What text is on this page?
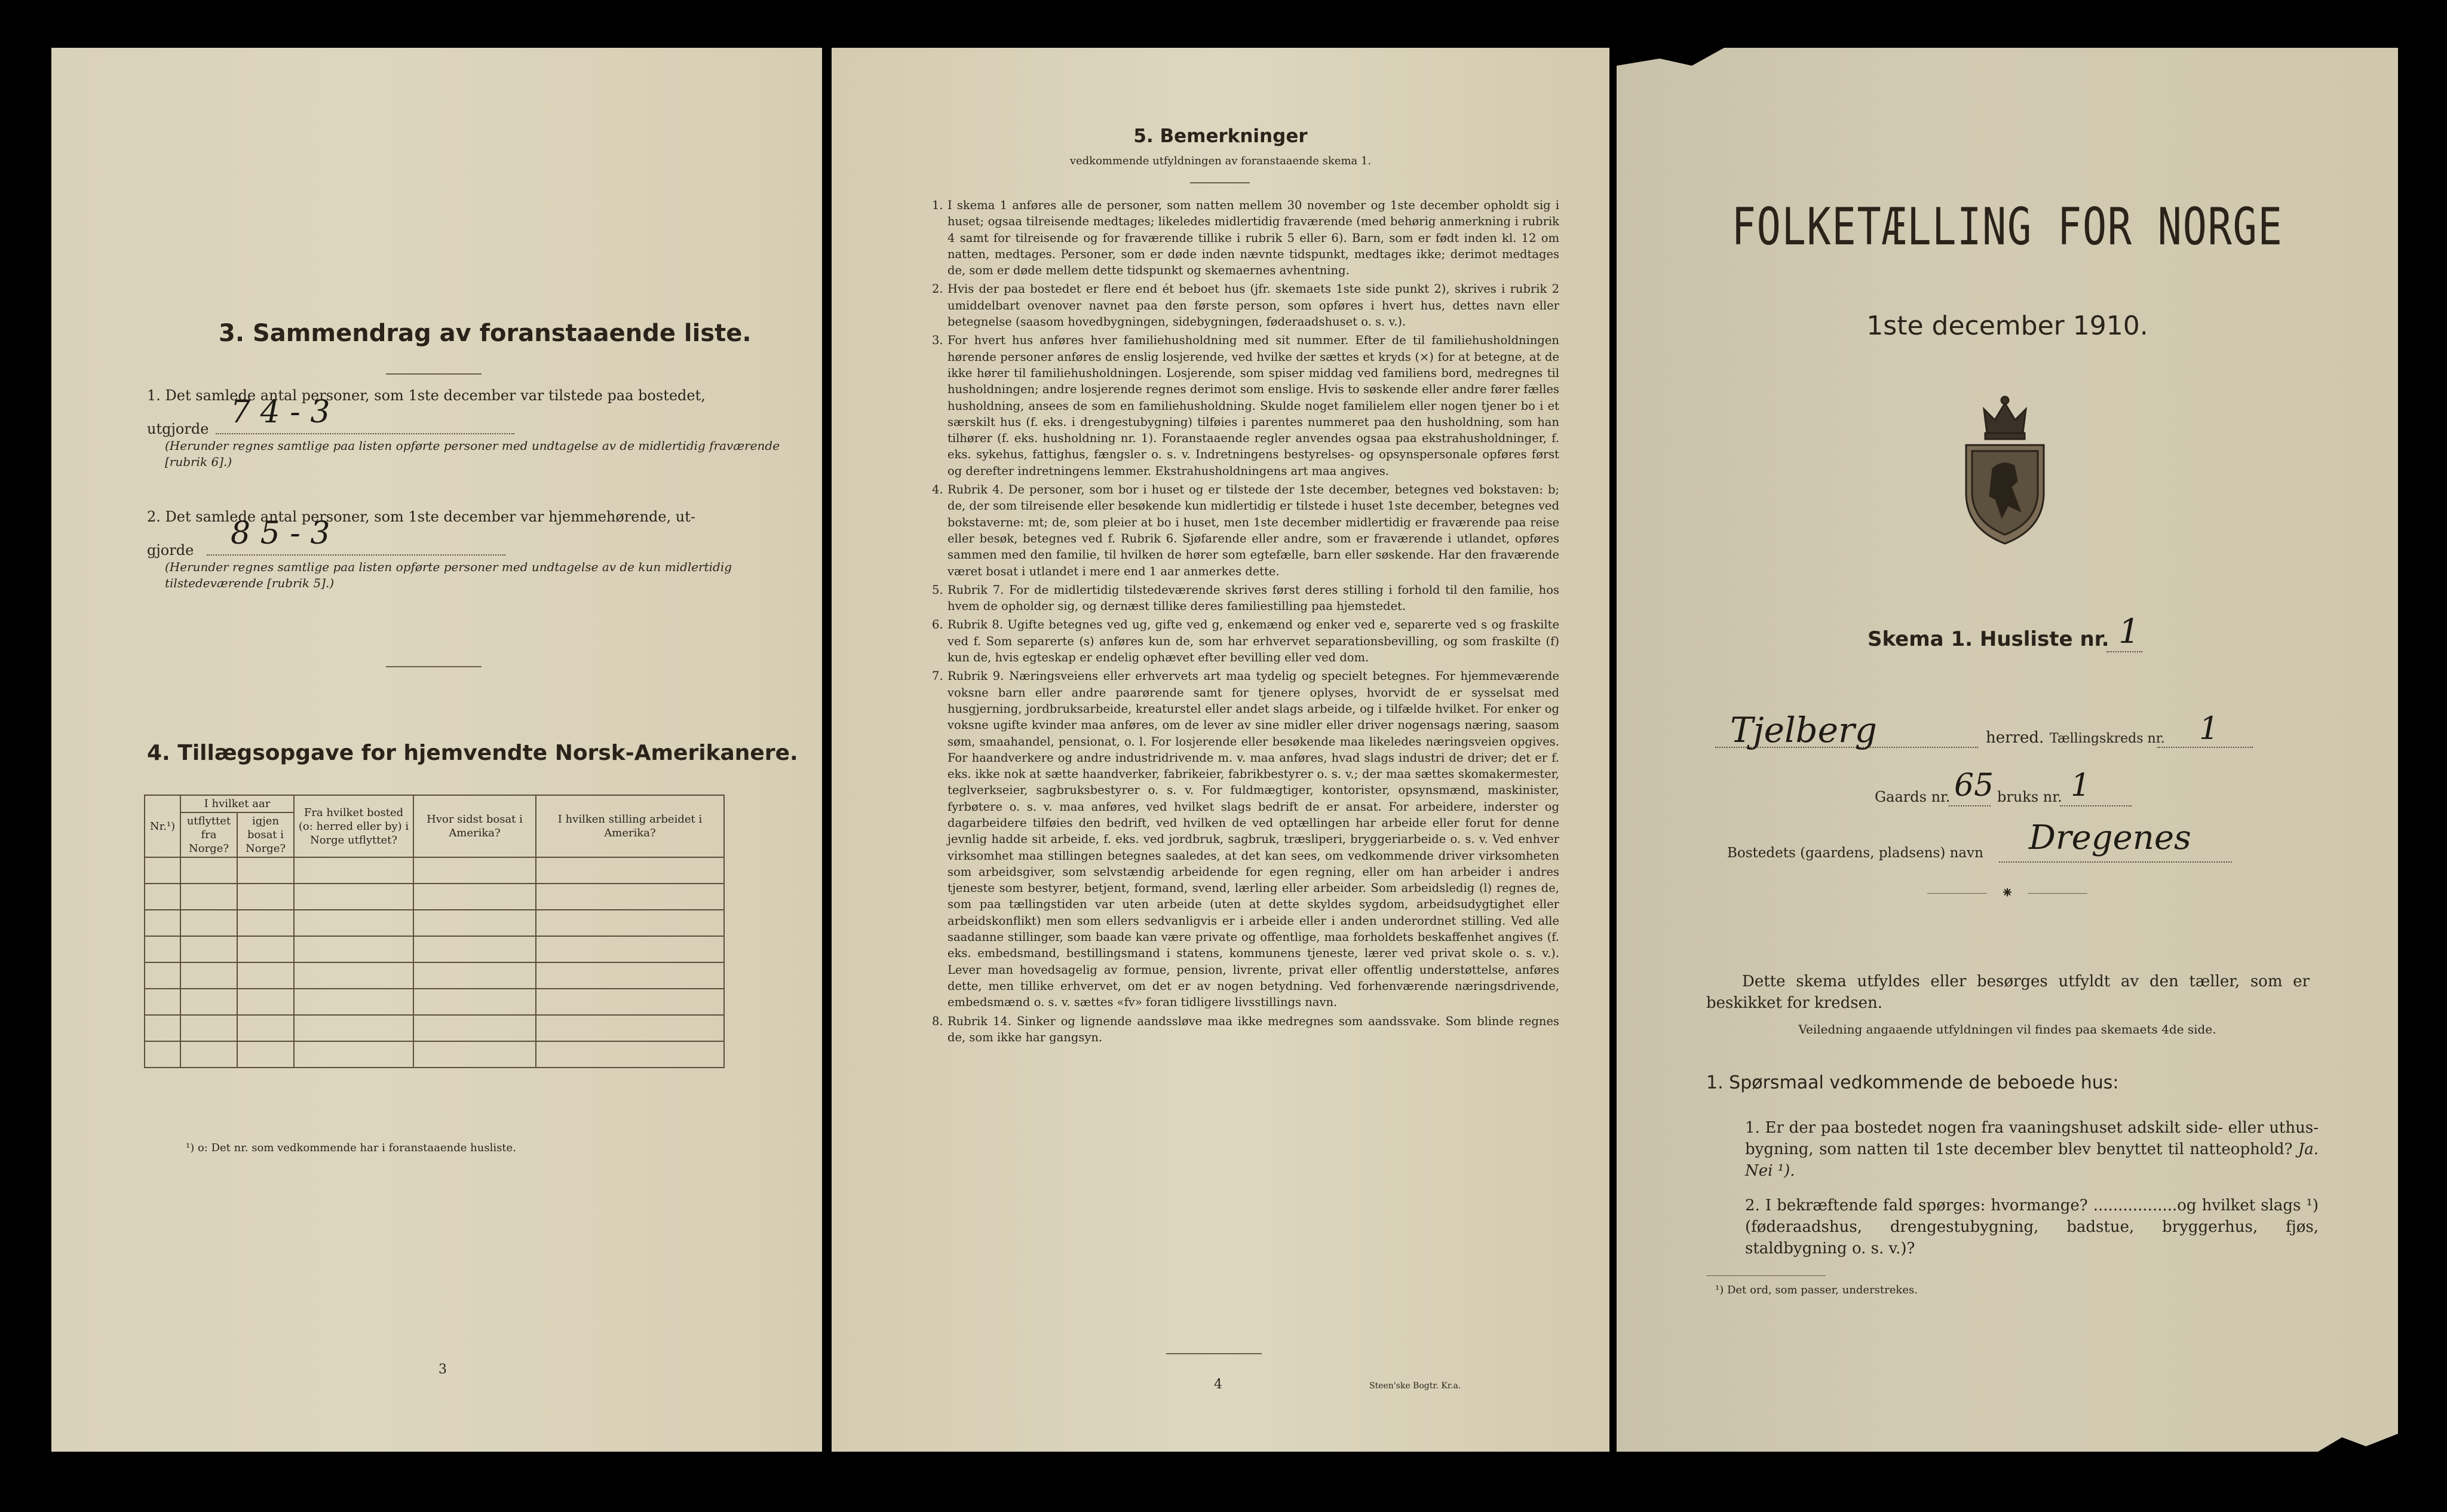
3. Sammendrag av foranstaaende liste.
1. Det samlede antal personer, som 1ste december var tilstede paa bostedet,
utgjorde 7 4 - 3
(Herunder regnes samtlige paa listen opførte personer med undtagelse av de midlertidig fraværende [rubrik 6].)
2. Det samlede antal personer, som 1ste december var hjemmehørende, ut-
gjorde 8 5 - 3
(Herunder regnes samtlige paa listen opførte personer med undtagelse av de kun midlertidig tilstedeværende [rubrik 5].)
4. Tillægsopgave for hjemvendte Norsk-Amerikanere.
Nr.¹)	I hvilket aar		Fra hvilket bosted (o: herred eller by) i Norge utflyttet?	Hvor sidst bosat i Amerika?	I hvilken stilling arbeidet i Amerika?
	utflyttet fra Norge?	igjen bosat i Norge?			

¹) o: Det nr. som vedkommende har i foranstaaende husliste.
3
5. Bemerkninger
vedkommende utfyldningen av foranstaaende skema 1.
1. I skema 1 anføres alle de personer, som natten mellem 30 november og 1ste december opholdt sig i huset; ogsaa tilreisende medtages; likeledes midlertidig fraværende (med behørig anmerkning i rubrik 4 samt for tilreisende og for fraværende tillike i rubrik 5 eller 6). Barn, som er født inden kl. 12 om natten, medtages. Personer, som er døde inden nævnte tidspunkt, medtages ikke; derimot medtages de, som er døde mellem dette tidspunkt og skemaernes avhentning.
2. Hvis der paa bostedet er flere end ét beboet hus (jfr. skemaets 1ste side punkt 2), skrives i rubrik 2 umiddelbart ovenover navnet paa den første person, som opføres i hvert hus, dettes navn eller betegnelse (saasom hovedbygningen, sidebygningen, føderaadshuset o. s. v.).
3. For hvert hus anføres hver familiehusholdning med sit nummer. Efter de til familiehusholdningen hørende personer anføres de enslig losjerende, ved hvilke der sættes et kryds (×) for at betegne, at de ikke hører til familiehusholdningen. Losjerende, som spiser middag ved familiens bord, medregnes til husholdningen; andre losjerende regnes derimot som enslige. Hvis to søskende eller andre fører fælles husholdning, ansees de som en familiehusholdning. Skulde noget familielem eller nogen tjener bo i et særskilt hus (f. eks. i drengestubygning) tilføies i parentes nummeret paa den husholdning, som han tilhører (f. eks. husholdning nr. 1). Foranstaaende regler anvendes ogsaa paa ekstrahusholdninger, f. eks. sykehus, fattighus, fængsler o. s. v. Indretningens bestyrelses- og opsynspersonale opføres først og derefter indretningens lemmer. Ekstrahusholdningens art maa angives.
4. Rubrik 4. De personer, som bor i huset og er tilstede der 1ste december, betegnes ved bokstaven: b; de, der som tilreisende eller besøkende kun midlertidig er tilstede i huset 1ste december, betegnes ved bokstaverne: mt; de, som pleier at bo i huset, men 1ste december midlertidig er fraværende paa reise eller besøk, betegnes ved f. Rubrik 6. Sjøfarende eller andre, som er fraværende i utlandet, opføres sammen med den familie, til hvilken de hører som egtefælle, barn eller søskende. Har den fraværende været bosat i utlandet i mere end 1 aar anmerkes dette.
5. Rubrik 7. For de midlertidig tilstedeværende skrives først deres stilling i forhold til den familie, hos hvem de opholder sig, og dernæst tillike deres familiestilling paa hjemstedet.
6. Rubrik 8. Ugifte betegnes ved ug, gifte ved g, enkemænd og enker ved e, separerte ved s og fraskilte ved f. Som separerte (s) anføres kun de, som har erhvervet separationsbevilling, og som fraskilte (f) kun de, hvis egteskap er endelig ophævet efter bevilling eller ved dom.
7. Rubrik 9. Næringsveiens eller erhvervets art maa tydelig og specielt betegnes. For hjemmeværende voksne barn eller andre paarørende samt for tjenere oplyses, hvorvidt de er sysselsat med husgjerning, jordbruksarbeide, kreaturstel eller andet slags arbeide, og i tilfælde hvilket. For enker og voksne ugifte kvinder maa anføres, om de lever av sine midler eller driver nogensags næring, saasom søm, smaahandel, pensionat, o. l. For losjerende eller besøkende maa likeledes næringsveien opgives. For haandverkere og andre industridrivende m. v. maa anføres, hvad slags industri de driver; det er f. eks. ikke nok at sætte haandverker, fabrikeier, fabrikbestyrer o. s. v.; der maa sættes skomakermester, teglverkseier, sagbruksbestyrer o. s. v. For fuldmægtiger, kontorister, opsynsmænd, maskinister, fyrbøtere o. s. v. maa anføres, ved hvilket slags bedrift de er ansat. For arbeidere, inderster og dagarbeidere tilføies den bedrift, ved hvilken de ved optællingen har arbeide eller forut for denne jevnlig hadde sit arbeide, f. eks. ved jordbruk, sagbruk, træsliperi, bryggeriarbeide o. s. v. Ved enhver virksomhet maa stillingen betegnes saaledes, at det kan sees, om vedkommende driver virksomheten som arbeidsgiver, som selvstændig arbeidende for egen regning, eller om han arbeider i andres tjeneste som bestyrer, betjent, formand, svend, lærling eller arbeider. Som arbeidsledig (l) regnes de, som paa tællingstiden var uten arbeide (uten at dette skyldes sygdom, arbeidsudygtighet eller arbeidskonflikt) men som ellers sedvanligvis er i arbeide eller i anden underordnet stilling. Ved alle saadanne stillinger, som baade kan være private og offentlige, maa forholdets beskaffenhet angives (f. eks. embedsmand, bestillingsmand i statens, kommunens tjeneste, lærer ved privat skole o. s. v.). Lever man hovedsagelig av formue, pension, livrente, privat eller offentlig understøttelse, anføres dette, men tillike erhvervet, om det er av nogen betydning. Ved forhenværende næringsdrivende, embedsmænd o. s. v. sættes «fv» foran tidligere livsstillings navn.
8. Rubrik 14. Sinker og lignende aandssløve maa ikke medregnes som aandssvake. Som blinde regnes de, som ikke har gangsyn.
4	Steen'ske Bogtr. Kr.a.
FOLKETÆLLING FOR NORGE
1ste december 1910.
Skema 1. Husliste nr. 1
Tjelberg	herred. Tællingskreds nr. 1
Gaards nr. 65 bruks nr. 1
Bostedets (gaardens, pladsens) navn Dregenes
⁕
Dette skema utfyldes eller besørges utfyldt av den tæller, som er beskikket for kredsen.
Veiledning angaaende utfyldningen vil findes paa skemaets 4de side.
1. Spørsmaal vedkommende de beboede hus:
1. Er der paa bostedet nogen fra vaaningshuset adskilt side- eller uthus-bygning, som natten til 1ste december blev benyttet til natteophold? Ja. Nei ¹).
2. I bekræftende fald spørges: hvormange? .................og hvilket slags ¹) (føderaadshus, drengestubygning, badstue, bryggerhus, fjøs, staldbygning o. s. v.)?
¹) Det ord, som passer, understrekes.
